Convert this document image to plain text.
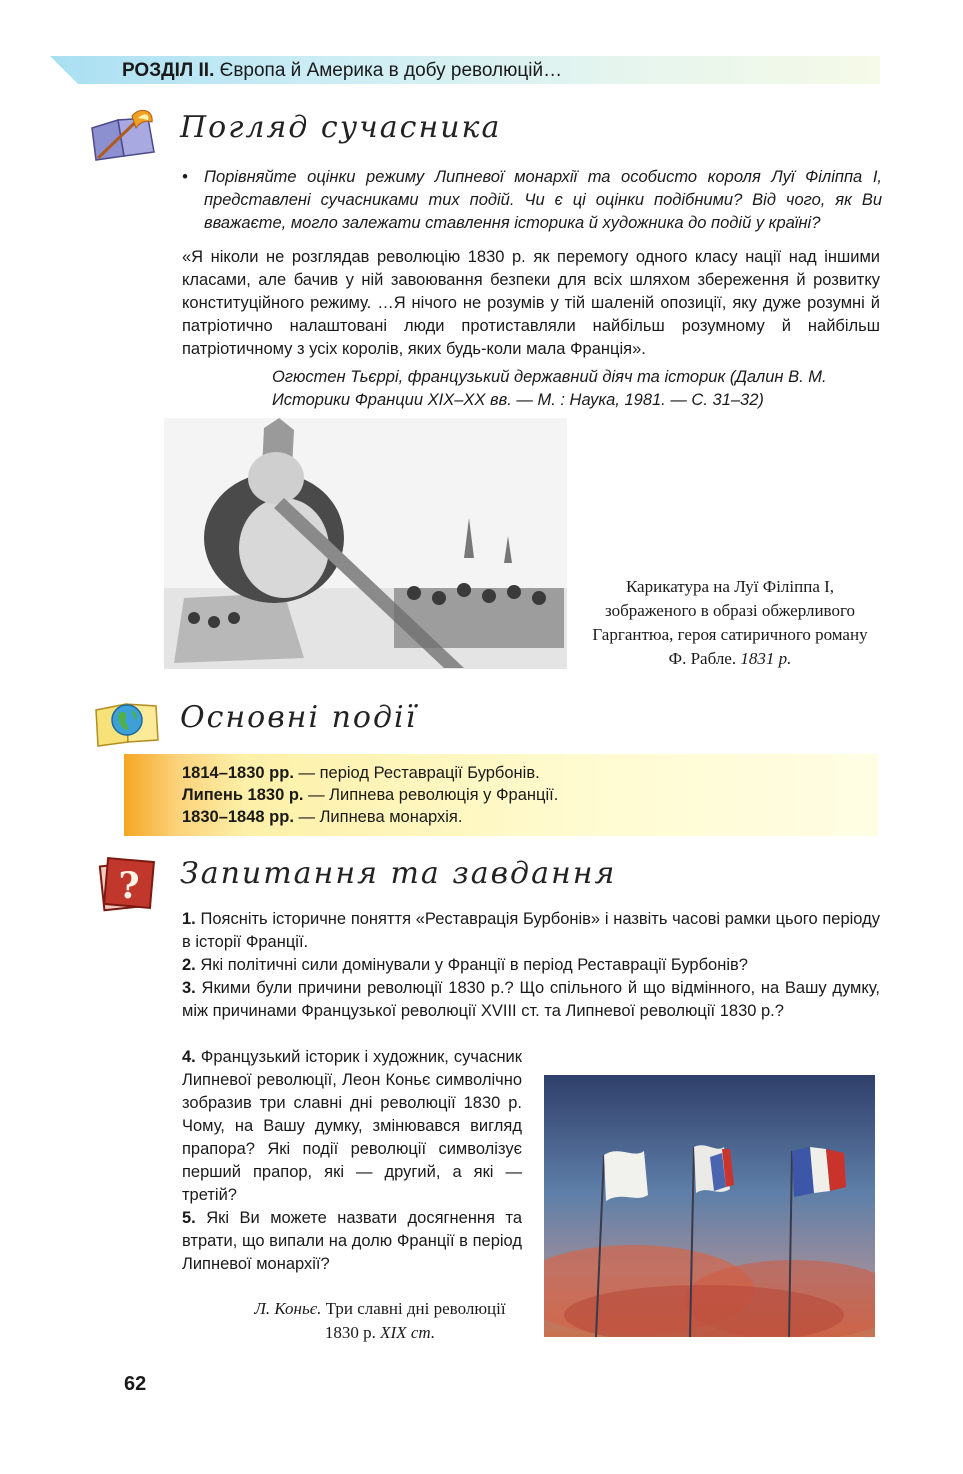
РОЗДІЛ ІІ. Європа й Америка в добу революцій…
Погляд сучасника
• Порівняйте оцінки режиму Липневої монархії та особисто короля Луї Філіппа І, представлені сучасниками тих подій. Чи є ці оцінки подібними? Від чого, як Ви вважаєте, могло залежати ставлення історика й художника до подій у країні?
«Я ніколи не розглядав революцію 1830 р. як перемогу одного класу нації над іншими класами, але бачив у ній завоювання безпеки для всіх шляхом збереження й розвитку конституційного режиму. …Я нічого не розумів у тій шаленій опозиції, яку дуже розумні й патріотично налаштовані люди протиставляли найбільш розумному й найбільш патріотичному з усіх королів, яких будь-коли мала Франція».
Огюстен Тьєррі, французький державний діяч та історик (Далин В. М. Историки Франции XIX–XX вв. — М. : Наука, 1981. — С. 31–32)
Карикатура на Луї Філіппа І, зображеного в образі обжерливого Гаргантюа, героя сатиричного роману Ф. Рабле. 1831 р.
Основні події
1814–1830 рр. — період Реставрації Бурбонів.
Липень 1830 р. — Липнева революція у Франції.
1830–1848 рр. — Липнева монархія.
? Запитання та завдання
1. Поясніть історичне поняття «Реставрація Бурбонів» і назвіть часові рамки цього періоду в історії Франції.
2. Які політичні сили домінували у Франції в період Реставрації Бурбонів?
3. Якими були причини революції 1830 р.? Що спільного й що відмінного, на Вашу думку, між причинами Французької революції XVIII ст. та Липневої революції 1830 р.?
4. Французький історик і художник, сучасник Липневої революції, Леон Коньє символічно зобразив три славні дні революції 1830 р. Чому, на Вашу думку, змінювався вигляд прапора? Які події революції символізує перший прапор, які — другий, а які — третій?
5. Які Ви можете назвати досягнення та втрати, що випали на долю Франції в період Липневої монархії?
Л. Коньє. Три славні дні революції 1830 р. XIX ст.
62
